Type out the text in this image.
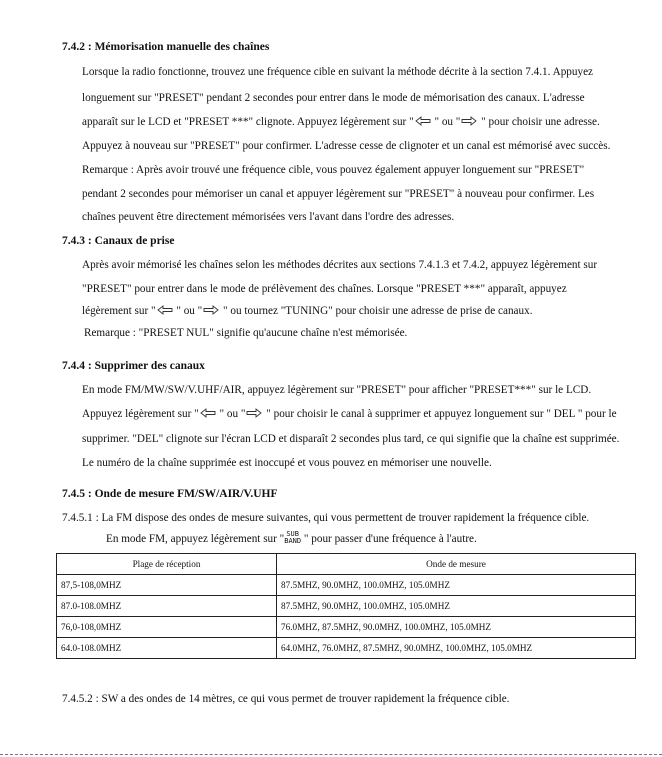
7.4.2 : Mémorisation manuelle des chaînes
Lorsque la radio fonctionne, trouvez une fréquence cible en suivant la méthode décrite à la section 7.4.1. Appuyez
longuement sur "PRESET" pendant 2 secondes pour entrer dans le mode de mémorisation des canaux. L'adresse
apparaît sur le LCD et "PRESET ***" clignote. Appuyez légèrement sur " " ou " " pour choisir une adresse.
Appuyez à nouveau sur "PRESET" pour confirmer. L'adresse cesse de clignoter et un canal est mémorisé avec succès.
Remarque : Après avoir trouvé une fréquence cible, vous pouvez également appuyer longuement sur "PRESET"
pendant 2 secondes pour mémoriser un canal et appuyer légèrement sur "PRESET" à nouveau pour confirmer. Les
chaînes peuvent être directement mémorisées vers l'avant dans l'ordre des adresses.
7.4.3 : Canaux de prise
Après avoir mémorisé les chaînes selon les méthodes décrites aux sections 7.4.1.3 et 7.4.2, appuyez légèrement sur
"PRESET" pour entrer dans le mode de prélèvement des chaînes. Lorsque "PRESET ***" apparaît, appuyez
légèrement sur " " ou " " ou tournez "TUNING" pour choisir une adresse de prise de canaux.
Remarque : "PRESET NUL" signifie qu'aucune chaîne n'est mémorisée.
7.4.4 : Supprimer des canaux
En mode FM/MW/SW/V.UHF/AIR, appuyez légèrement sur "PRESET" pour afficher "PRESET***" sur le LCD.
Appuyez légèrement sur " " ou " " pour choisir le canal à supprimer et appuyez longuement sur " DEL " pour le
supprimer. "DEL" clignote sur l'écran LCD et disparaît 2 secondes plus tard, ce qui signifie que la chaîne est supprimée.
Le numéro de la chaîne supprimée est inoccupé et vous pouvez en mémoriser une nouvelle.
7.4.5 : Onde de mesure FM/SW/AIR/V.UHF
7.4.5.1 : La FM dispose des ondes de mesure suivantes, qui vous permettent de trouver rapidement la fréquence cible.
En mode FM, appuyez légèrement sur " SUB
BAND " pour passer d'une fréquence à l'autre.
Plage de réception	Onde de mesure
87,5-108,0MHZ	87.5MHZ, 90.0MHZ, 100.0MHZ, 105.0MHZ
87.0-108.0MHZ	87.5MHZ, 90.0MHZ, 100.0MHZ, 105.0MHZ
76,0-108,0MHZ	76.0MHZ, 87.5MHZ, 90.0MHZ, 100.0MHZ, 105.0MHZ
64.0-108.0MHZ	64.0MHZ, 76.0MHZ, 87.5MHZ, 90.0MHZ, 100.0MHZ, 105.0MHZ
7.4.5.2 : SW a des ondes de 14 mètres, ce qui vous permet de trouver rapidement la fréquence cible.
